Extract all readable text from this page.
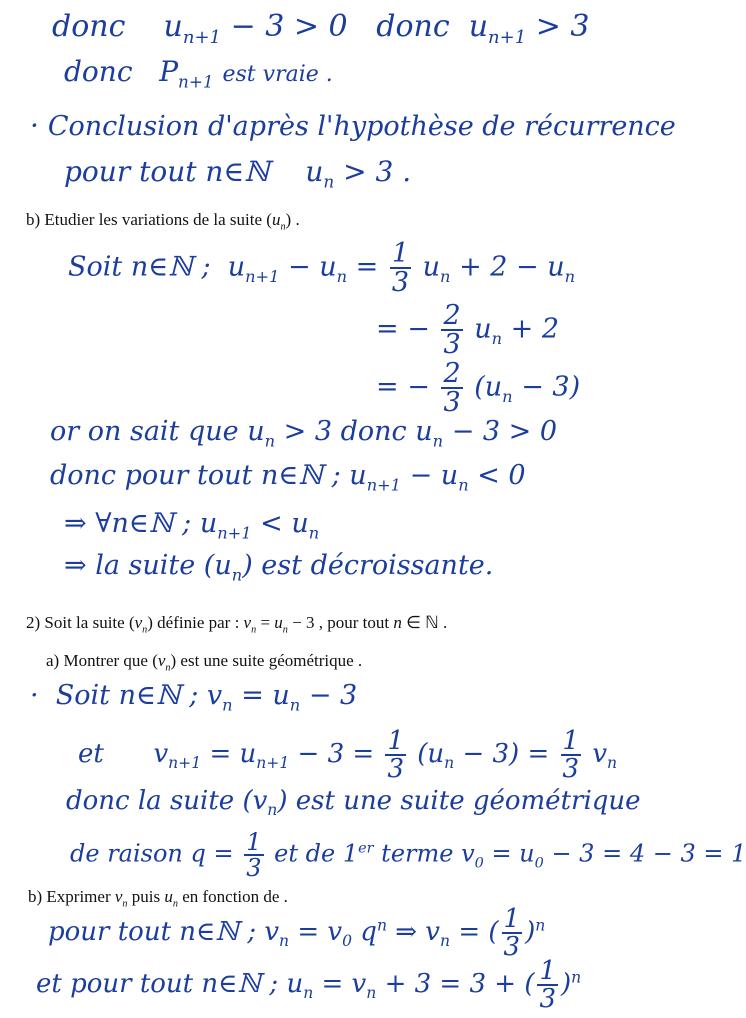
donc $u_{n+1} - 3 > 0$ donc $u_{n+1} > 3$
donc $P_{n+1}$ est vraie .
· Conclusion d'après l'hypothèse de récurrence
pour tout n∈ℕ $u_n > 3$ .
b) Etudier les variations de la suite $(u_n)$ .
Soit n∈ℕ ; $u_{n+1} - u_n = \frac{1}{3} u_n + 2 - u_n$
= − $\frac{2}{3} u_n + 2$
= − $\frac{2}{3} (u_n - 3)$
or on sait que $u_n > 3$ donc $u_n - 3 > 0$
donc pour tout n∈ℕ ; $u_{n+1} - u_n < 0$
⇒ ∀n∈ℕ ; $u_{n+1} < u_n$
⇒ la suite $(u_n)$ est décroissante.
2) Soit la suite $(v_n)$ définie par : $v_n = u_n - 3$ , pour tout n ∈ ℕ .
a) Montrer que $(v_n)$ est une suite géométrique .
· Soit n∈ℕ ; $v_n = u_n - 3$
et $v_{n+1} = u_{n+1} - 3 = \frac{1}{3} (u_n - 3) = \frac{1}{3} v_n$
donc la suite $(v_n)$ est une suite géométrique
de raison $q = \frac{1}{3}$ et de 1er terme $v_0 = u_0 - 3 = 4 - 3 = 1$
b) Exprimer $v_n$ puis $u_n$ en fonction de .
pour tout n∈ℕ ; $v_n = v_0$ $q^n$ ⇒ $v_n$ = ( $\frac{1}{3} )^n$
et pour tout n∈ℕ ; $u_n = v_n + 3 = 3$ + ( $\frac{1}{3} )^n$
